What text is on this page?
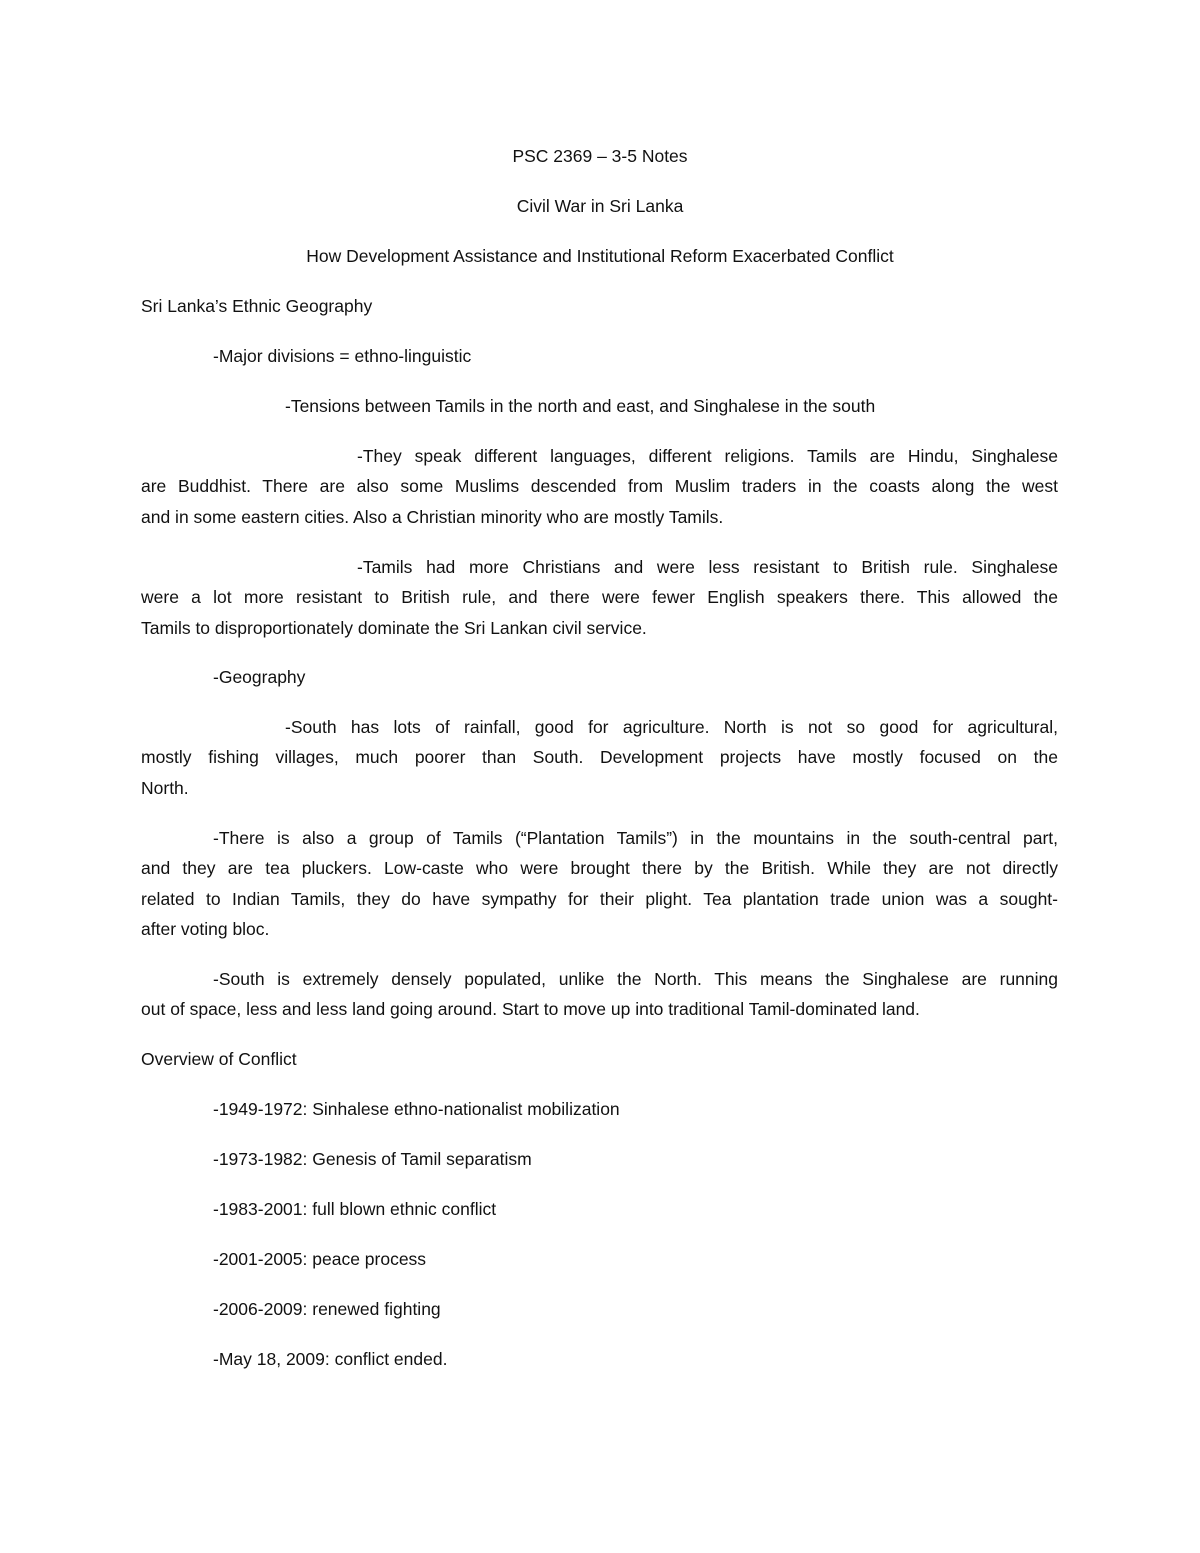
PSC 2369 – 3-5 Notes

Civil War in Sri Lanka

How Development Assistance and Institutional Reform Exacerbated Conflict

Sri Lanka’s Ethnic Geography

-Major divisions = ethno-linguistic

-Tensions between Tamils in the north and east, and Singhalese in the south

-They speak different languages, different religions. Tamils are Hindu, Singhalese

are Buddhist. There are also some Muslims descended from Muslim traders in the coasts along the west

and in some eastern cities. Also a Christian minority who are mostly Tamils.

-Tamils had more Christians and were less resistant to British rule. Singhalese

were a lot more resistant to British rule, and there were fewer English speakers there. This allowed the

Tamils to disproportionately dominate the Sri Lankan civil service.

-Geography

-South has lots of rainfall, good for agriculture. North is not so good for agricultural,

mostly fishing villages, much poorer than South. Development projects have mostly focused on the

North.

-There is also a group of Tamils (“Plantation Tamils”) in the mountains in the south-central part,

and they are tea pluckers. Low-caste who were brought there by the British. While they are not directly

related to Indian Tamils, they do have sympathy for their plight. Tea plantation trade union was a sought-

after voting bloc.

-South is extremely densely populated, unlike the North. This means the Singhalese are running

out of space, less and less land going around. Start to move up into traditional Tamil-dominated land.

Overview of Conflict

-1949-1972: Sinhalese ethno-nationalist mobilization

-1973-1982: Genesis of Tamil separatism

-1983-2001: full blown ethnic conflict

-2001-2005: peace process

-2006-2009: renewed fighting

-May 18, 2009: conflict ended.
